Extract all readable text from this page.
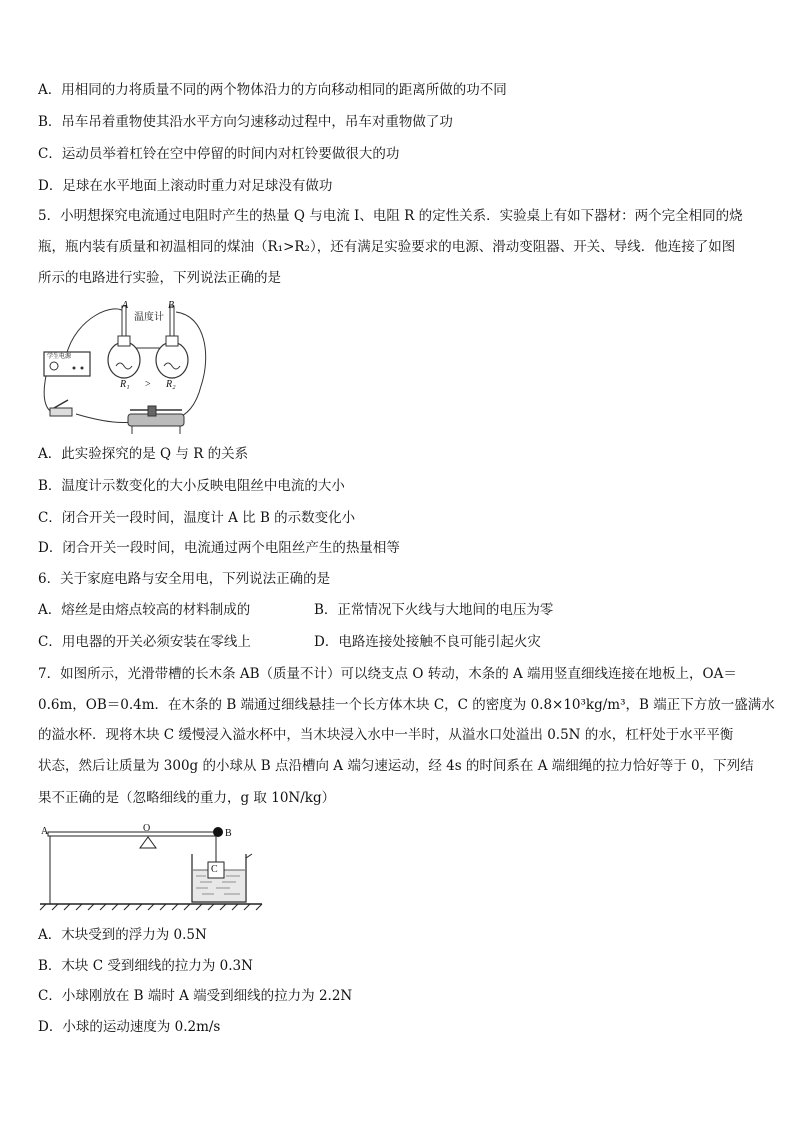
A．用相同的力将质量不同的两个物体沿力的方向移动相同的距离所做的功不同
B．吊车吊着重物使其沿水平方向匀速移动过程中，吊车对重物做了功
C．运动员举着杠铃在空中停留的时间内对杠铃要做很大的功
D．足球在水平地面上滚动时重力对足球没有做功
5．小明想探究电流通过电阻时产生的热量 Q 与电流 I、电阻 R 的定性关系．实验桌上有如下器材：两个完全相同的烧
瓶，瓶内装有质量和初温相同的煤油（R₁>R₂），还有满足实验要求的电源、滑动变阻器、开关、导线．他连接了如图
所示的电路进行实验，下列说法正确的是
A	B
温度计
R₁ > R₂
学生电源
A．此实验探究的是 Q 与 R 的关系
B．温度计示数变化的大小反映电阻丝中电流的大小
C．闭合开关一段时间，温度计 A 比 B 的示数变化小
D．闭合开关一段时间，电流通过两个电阻丝产生的热量相等
6．关于家庭电路与安全用电，下列说法正确的是
A．熔丝是由熔点较高的材料制成的	B．正常情况下火线与大地间的电压为零
C．用电器的开关必须安装在零线上	D．电路连接处接触不良可能引起火灾
7．如图所示，光滑带槽的长木条 AB（质量不计）可以绕支点 O 转动，木条的 A 端用竖直细线连接在地板上，OA＝
0.6m，OB＝0.4m．在木条的 B 端通过细线悬挂一个长方体木块 C，C 的密度为 0.8×10³kg/m³，B 端正下方放一盛满水
的溢水杯．现将木块 C 缓慢浸入溢水杯中，当木块浸入水中一半时，从溢水口处溢出 0.5N 的水，杠杆处于水平平衡
状态，然后让质量为 300g 的小球从 B 点沿槽向 A 端匀速运动，经 4s 的时间系在 A 端细绳的拉力恰好等于 0，下列结
果不正确的是（忽略细线的重力，g 取 10N/kg）
A	O	B
C
A．木块受到的浮力为 0.5N
B．木块 C 受到细线的拉力为 0.3N
C．小球刚放在 B 端时 A 端受到细线的拉力为 2.2N
D．小球的运动速度为 0.2m/s
